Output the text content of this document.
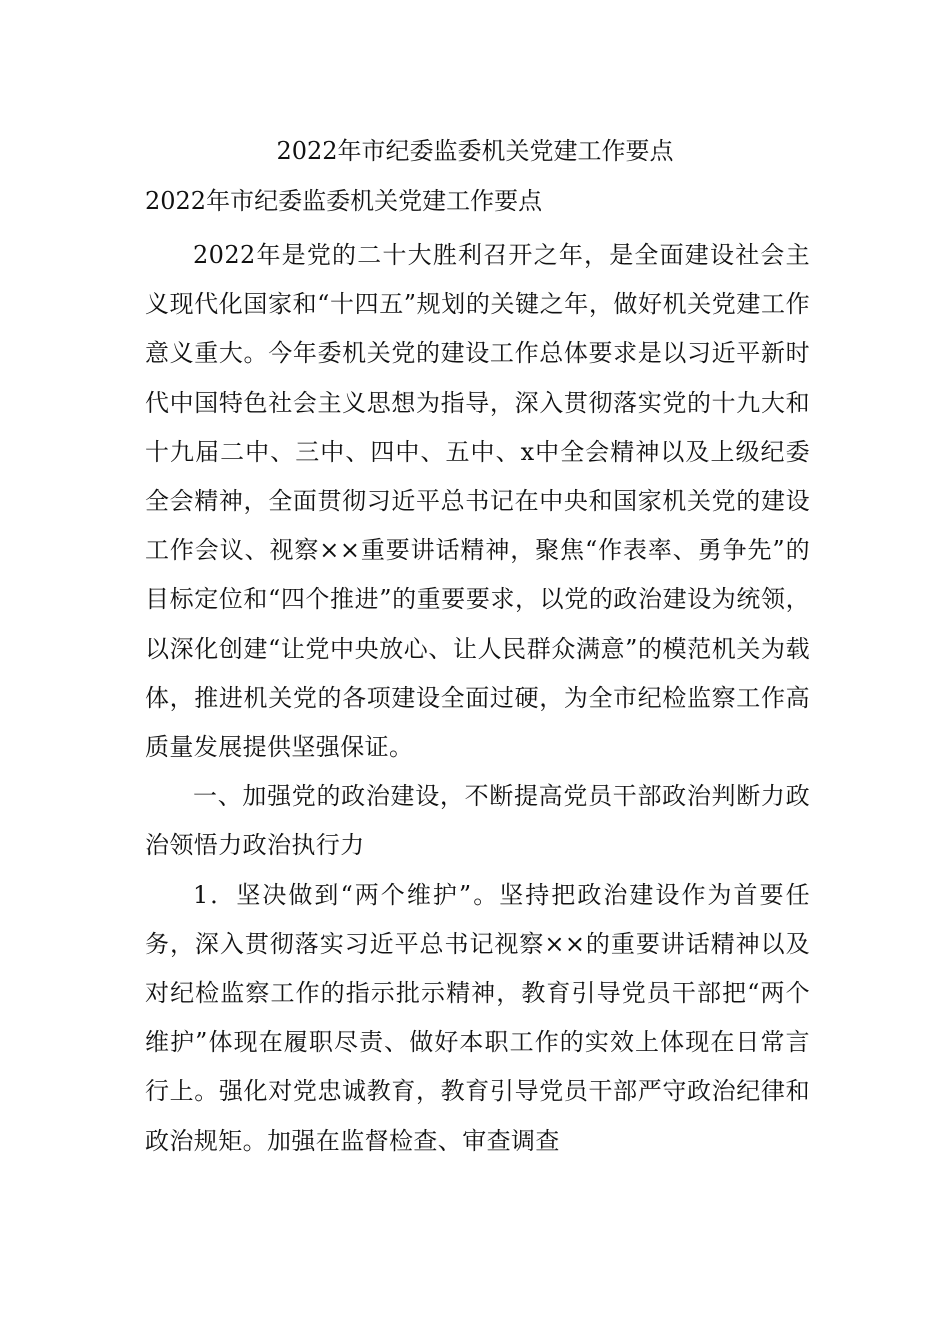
2022年市纪委监委机关党建工作要点
2022年市纪委监委机关党建工作要点

2022年是党的二十大胜利召开之年，是全面建设社会主义现代化国家和“十四五”规划的关键之年，做好机关党建工作意义重大。今年委机关党的建设工作总体要求是以习近平新时代中国特色社会主义思想为指导，深入贯彻落实党的十九大和十九届二中、三中、四中、五中、x中全会精神以及上级纪委全会精神，全面贯彻习近平总书记在中央和国家机关党的建设工作会议、视察××重要讲话精神，聚焦“作表率、勇争先”的目标定位和“四个推进”的重要要求，以党的政治建设为统领，以深化创建“让党中央放心、让人民群众满意”的模范机关为载体，推进机关党的各项建设全面过硬，为全市纪检监察工作高质量发展提供坚强保证。

一、加强党的政治建设，不断提高党员干部政治判断力政治领悟力政治执行力

1．坚决做到“两个维护”。坚持把政治建设作为首要任务，深入贯彻落实习近平总书记视察××的重要讲话精神以及对纪检监察工作的指示批示精神，教育引导党员干部把“两个维护”体现在履职尽责、做好本职工作的实效上体现在日常言行上。强化对党忠诚教育，教育引导党员干部严守政治纪律和政治规矩。加强在监督检查、审查调查
